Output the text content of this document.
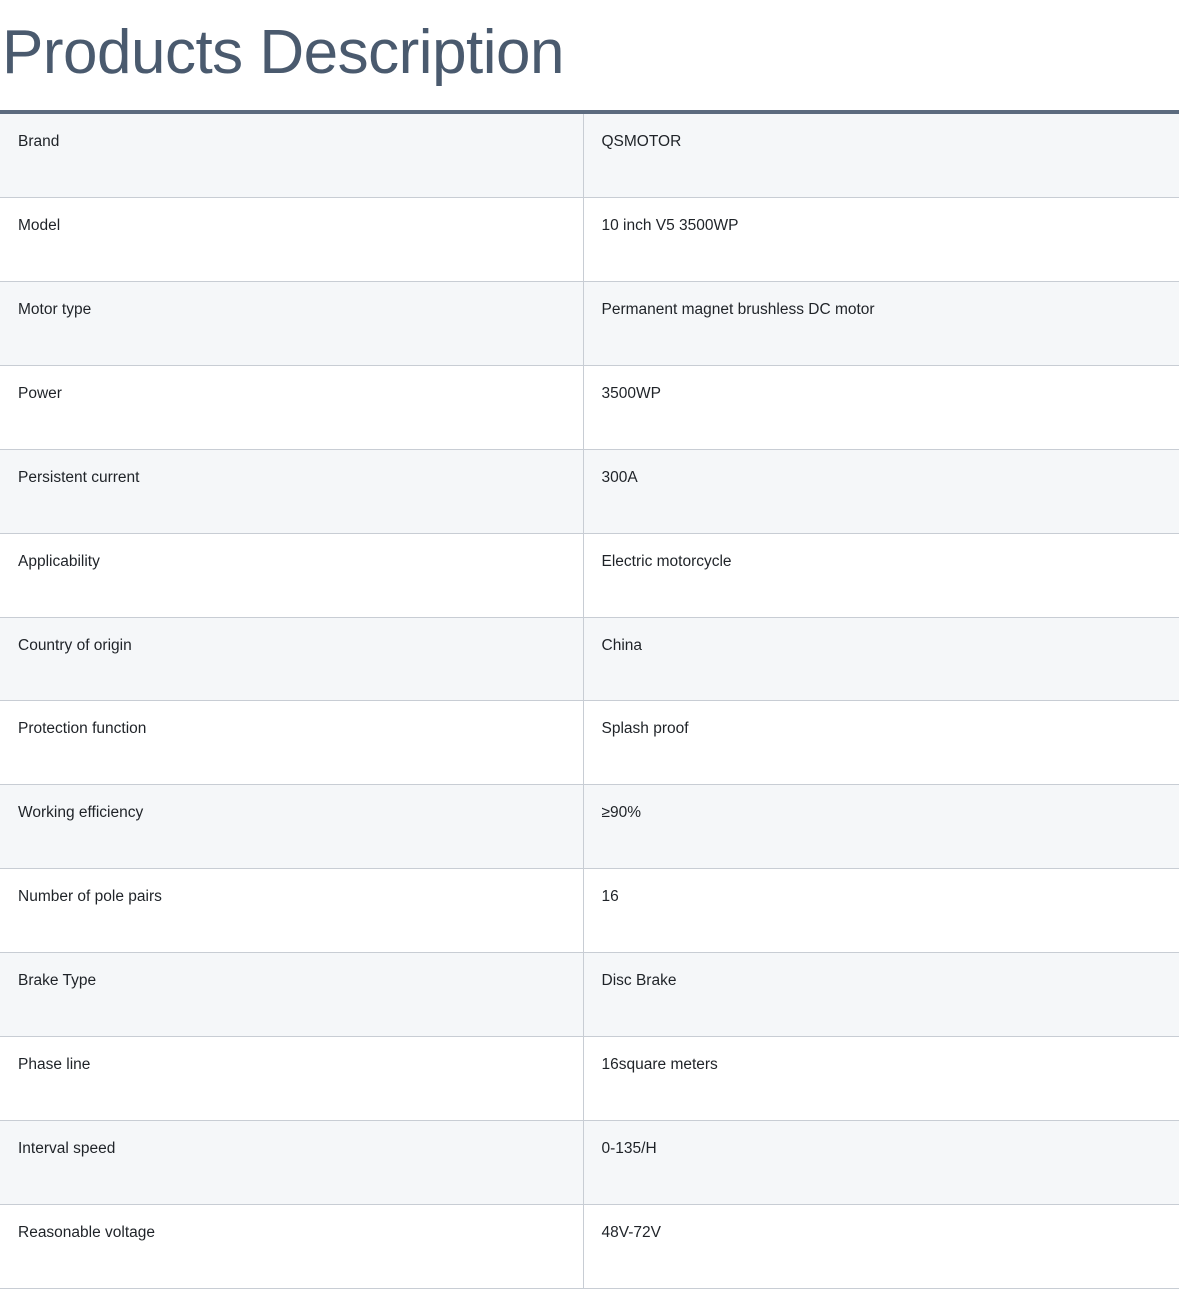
Products Description
Brand	QSMOTOR
Model	10 inch V5 3500WP
Motor type	Permanent magnet brushless DC motor
Power	3500WP
Persistent current	300A
Applicability	Electric motorcycle
Country of origin	China
Protection function	Splash proof
Working efficiency	≥90%
Number of pole pairs	16
Brake Type	Disc Brake
Phase line	16square meters
Interval speed	0-135/H
Reasonable voltage	48V-72V
